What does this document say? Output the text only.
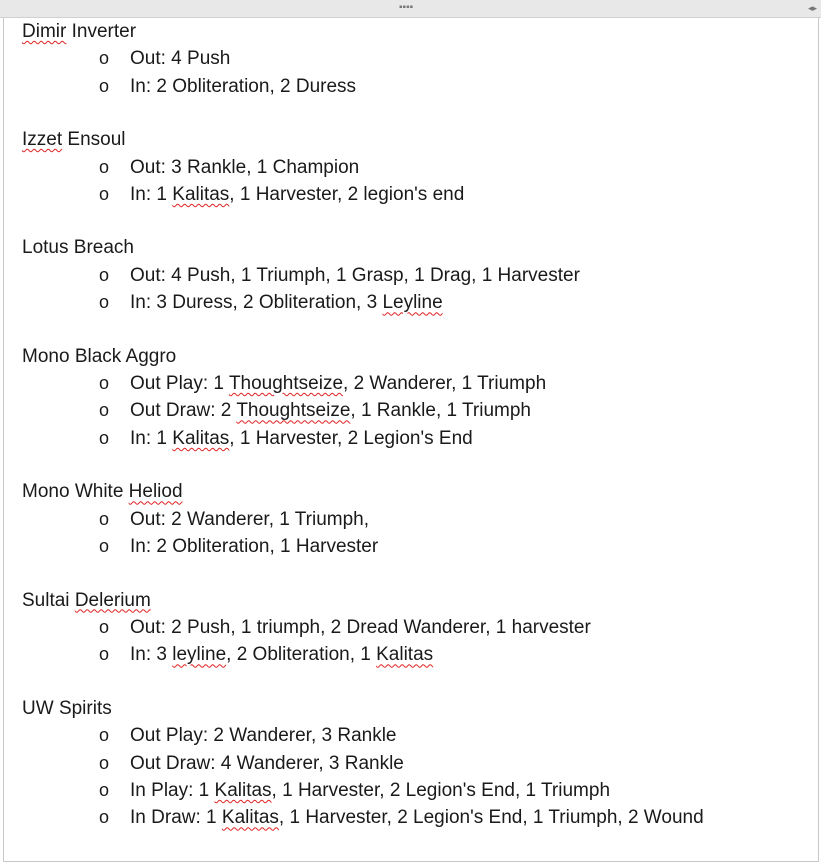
▪▪▪▪	◂▸
Dimir Inverter
o Out: 4 Push
o In: 2 Obliteration, 2 Duress
Izzet Ensoul
o Out: 3 Rankle, 1 Champion
o In: 1 Kalitas, 1 Harvester, 2 legion's end
Lotus Breach
o Out: 4 Push, 1 Triumph, 1 Grasp, 1 Drag, 1 Harvester
o In: 3 Duress, 2 Obliteration, 3 Leyline
Mono Black Aggro
o Out Play: 1 Thoughtseize, 2 Wanderer, 1 Triumph
o Out Draw: 2 Thoughtseize, 1 Rankle, 1 Triumph
o In: 1 Kalitas, 1 Harvester, 2 Legion's End
Mono White Heliod
o Out: 2 Wanderer, 1 Triumph,
o In: 2 Obliteration, 1 Harvester
Sultai Delerium
o Out: 2 Push, 1 triumph, 2 Dread Wanderer, 1 harvester
o In: 3 leyline, 2 Obliteration, 1 Kalitas
UW Spirits
o Out Play: 2 Wanderer, 3 Rankle
o Out Draw: 4 Wanderer, 3 Rankle
o In Play: 1 Kalitas, 1 Harvester, 2 Legion's End, 1 Triumph
o In Draw: 1 Kalitas, 1 Harvester, 2 Legion's End, 1 Triumph, 2 Wound
